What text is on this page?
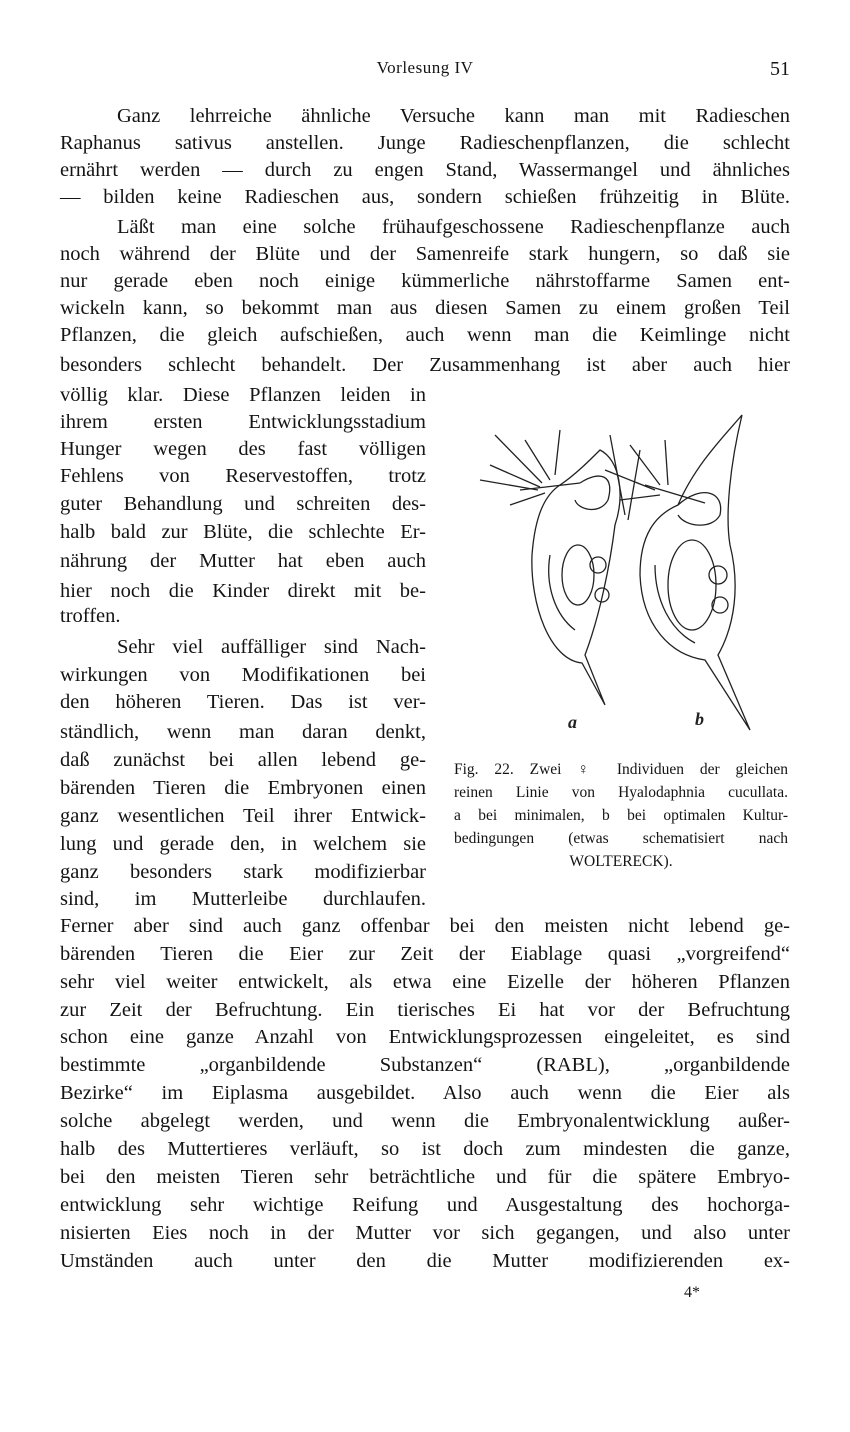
Vorlesung IV	51
Ganz lehrreiche ähnliche Versuche kann man mit Radieschen
Raphanus sativus anstellen. Junge Radieschenpflanzen, die schlecht
ernährt werden — durch zu engen Stand, Wassermangel und ähnliches
— bilden keine Radieschen aus, sondern schießen frühzeitig in Blüte.
Läßt man eine solche frühaufgeschossene Radieschenpflanze auch
noch während der Blüte und der Samenreife stark hungern, so daß sie
nur gerade eben noch einige kümmerliche nährstoffarme Samen ent-
wickeln kann, so bekommt man aus diesen Samen zu einem großen Teil
Pflanzen, die gleich aufschießen, auch wenn man die Keimlinge nicht
besonders schlecht behandelt. Der Zusammenhang ist aber auch hier
völlig klar. Diese Pflanzen leiden in
ihrem ersten Entwicklungsstadium
Hunger wegen des fast völligen
Fehlens von Reservestoffen, trotz
guter Behandlung und schreiten des-
halb bald zur Blüte, die schlechte Er-
nährung der Mutter hat eben auch
hier noch die Kinder direkt mit be-
troffen.
Sehr viel auffälliger sind Nach-
wirkungen von Modifikationen bei
den höheren Tieren. Das ist ver-
ständlich, wenn man daran denkt,
daß zunächst bei allen lebend ge-
bärenden Tieren die Embryonen einen
ganz wesentlichen Teil ihrer Entwick-
lung und gerade den, in welchem sie
ganz besonders stark modifizierbar
sind, im Mutterleibe durchlaufen.
Ferner aber sind auch ganz offenbar bei den meisten nicht lebend ge-
bärenden Tieren die Eier zur Zeit der Eiablage quasi „vorgreifend“
sehr viel weiter entwickelt, als etwa eine Eizelle der höheren Pflanzen
zur Zeit der Befruchtung. Ein tierisches Ei hat vor der Befruchtung
schon eine ganze Anzahl von Entwicklungsprozessen eingeleitet, es sind
bestimmte „organbildende Substanzen“ (RABL), „organbildende
Bezirke“ im Eiplasma ausgebildet. Also auch wenn die Eier als
solche abgelegt werden, und wenn die Embryonalentwicklung außer-
halb des Muttertieres verläuft, so ist doch zum mindesten die ganze,
bei den meisten Tieren sehr beträchtliche und für die spätere Embryo-
entwicklung sehr wichtige Reifung und Ausgestaltung des hochorga-
nisierten Eies noch in der Mutter vor sich gegangen, und also unter
Umständen auch unter den die Mutter modifizierenden ex-
a	b
Fig. 22. Zwei ♀ Individuen der gleichen
reinen Linie von Hyalodaphnia cucullata.
a bei minimalen, b bei optimalen Kultur-
bedingungen (etwas schematisiert nach
WOLTERECK).
4*
